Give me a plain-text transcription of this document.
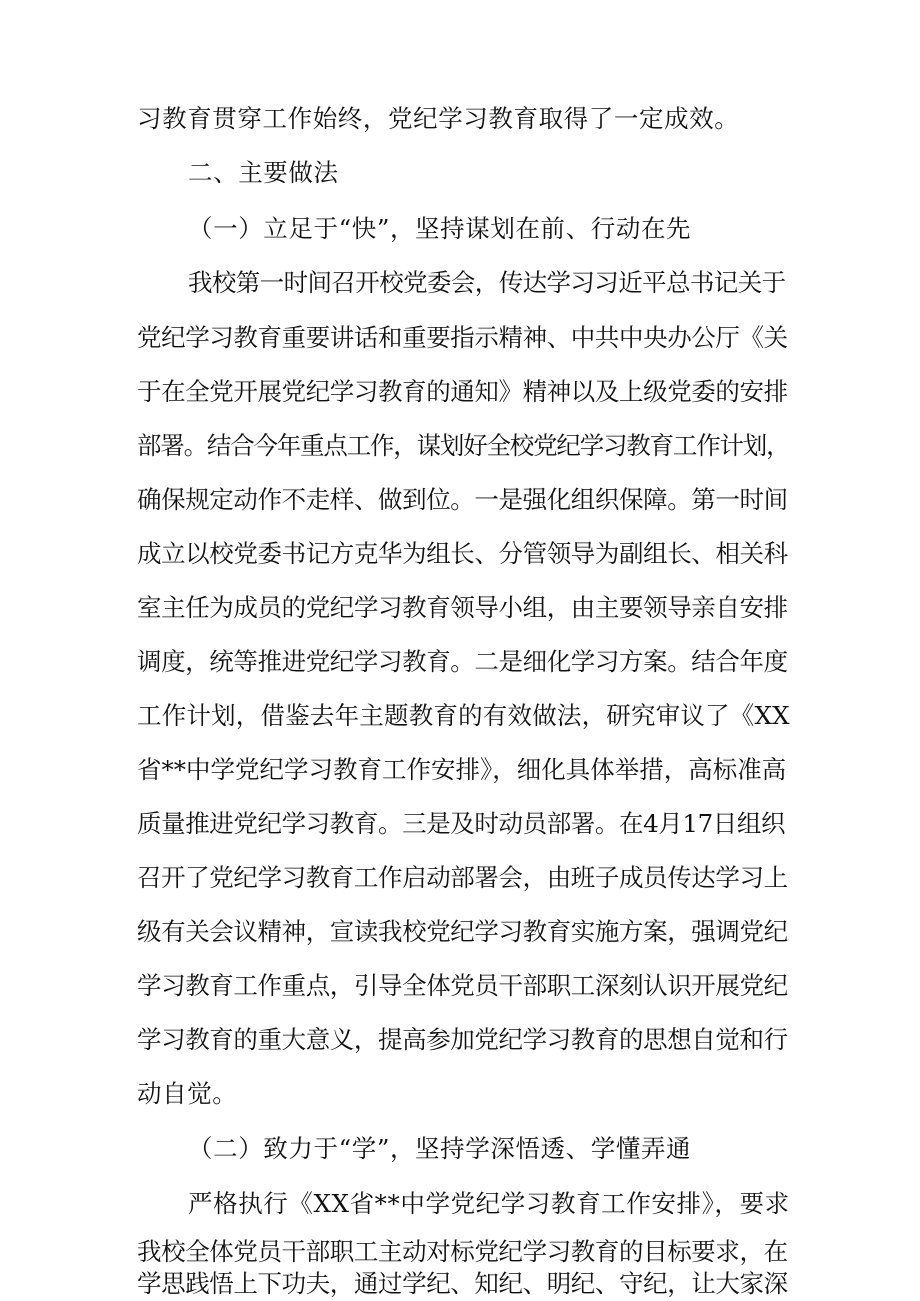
习教育贯穿工作始终，党纪学习教育取得了一定成效。
二、主要做法
（一）立足于“快”，坚持谋划在前、行动在先
我校第一时间召开校党委会，传达学习习近平总书记关于
党纪学习教育重要讲话和重要指示精神、中共中央办公厅《关
于在全党开展党纪学习教育的通知》精神以及上级党委的安排
部署。结合今年重点工作，谋划好全校党纪学习教育工作计划，
确保规定动作不走样、做到位。一是强化组织保障。第一时间
成立以校党委书记方克华为组长、分管领导为副组长、相关科
室主任为成员的党纪学习教育领导小组，由主要领导亲自安排
调度，统等推进党纪学习教育。二是细化学习方案。结合年度
工作计划，借鉴去年主题教育的有效做法，研究审议了《XX
省**中学党纪学习教育工作安排》，细化具体举措，高标准高
质量推进党纪学习教育。三是及时动员部署。在4月17日组织
召开了党纪学习教育工作启动部署会，由班子成员传达学习上
级有关会议精神，宣读我校党纪学习教育实施方案，强调党纪
学习教育工作重点，引导全体党员干部职工深刻认识开展党纪
学习教育的重大意义，提高参加党纪学习教育的思想自觉和行
动自觉。
（二）致力于“学”，坚持学深悟透、学懂弄通
严格执行《XX省**中学党纪学习教育工作安排》，要求
我校全体党员干部职工主动对标党纪学习教育的目标要求，在
学思践悟上下功夫，通过学纪、知纪、明纪、守纪，让大家深
